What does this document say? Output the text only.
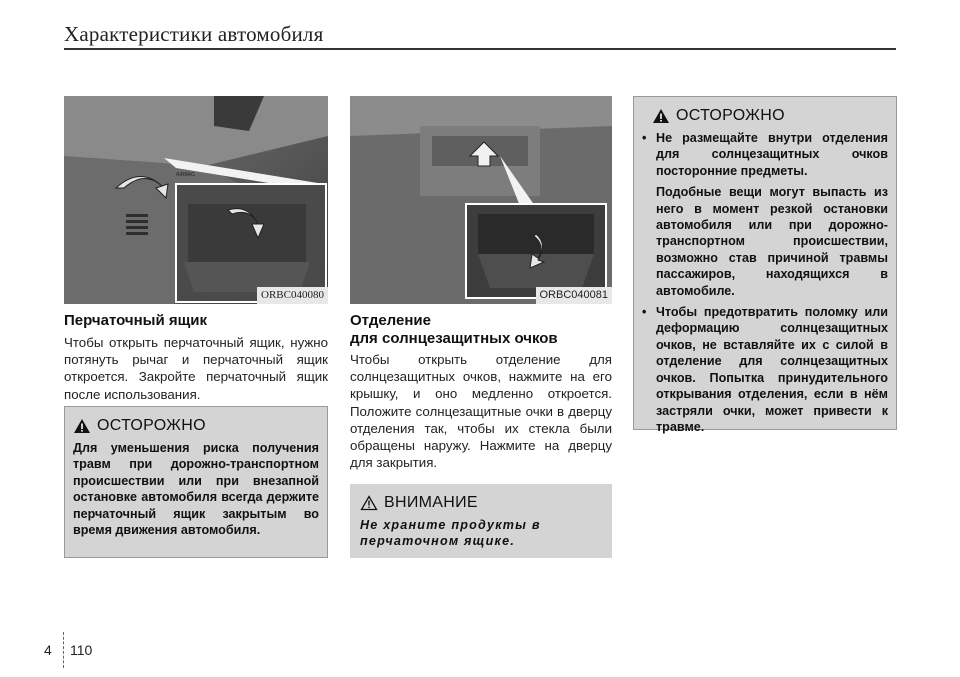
Характеристики автомобиля
AIRBAG
ORBC040080	ORBC040081
Перчаточный ящик
Чтобы открыть перчаточный ящик, нужно потянуть рычаг и перчаточный ящик откроется. Закройте перчаточный ящик после использования.
ОСТОРОЖНО
Для уменьшения риска получения травм при дорожно-транспортном происшествии или при внезапной остановке автомобиля всегда держите перчаточный ящик закрытым во время движения автомобиля.
Отделение
для солнцезащитных очков
Чтобы открыть отделение для солнцезащитных очков, нажмите на его крышку, и оно медленно откроется. Положите солнцезащитные очки в дверцу отделения так, чтобы их стекла были обращены наружу. Нажмите на дверцу для закрытия.
ВНИМАНИЕ
Не храните продукты в перчаточном ящике.
ОСТОРОЖНО
• Не размещайте внутри отделения для солнцезащитных очков посторонние предметы.
Подобные вещи могут выпасть из него в момент резкой остановки автомобиля или при дорожно-транспортном происшествии, возможно став причиной травмы пассажиров, находящихся в автомобиле.
• Чтобы предотвратить поломку или деформацию солнцезащитных очков, не вставляйте их с силой в отделение для солнцезащитных очков. Попытка принудительного открывания отделения, если в нём застряли очки, может привести к травме.
4 110
